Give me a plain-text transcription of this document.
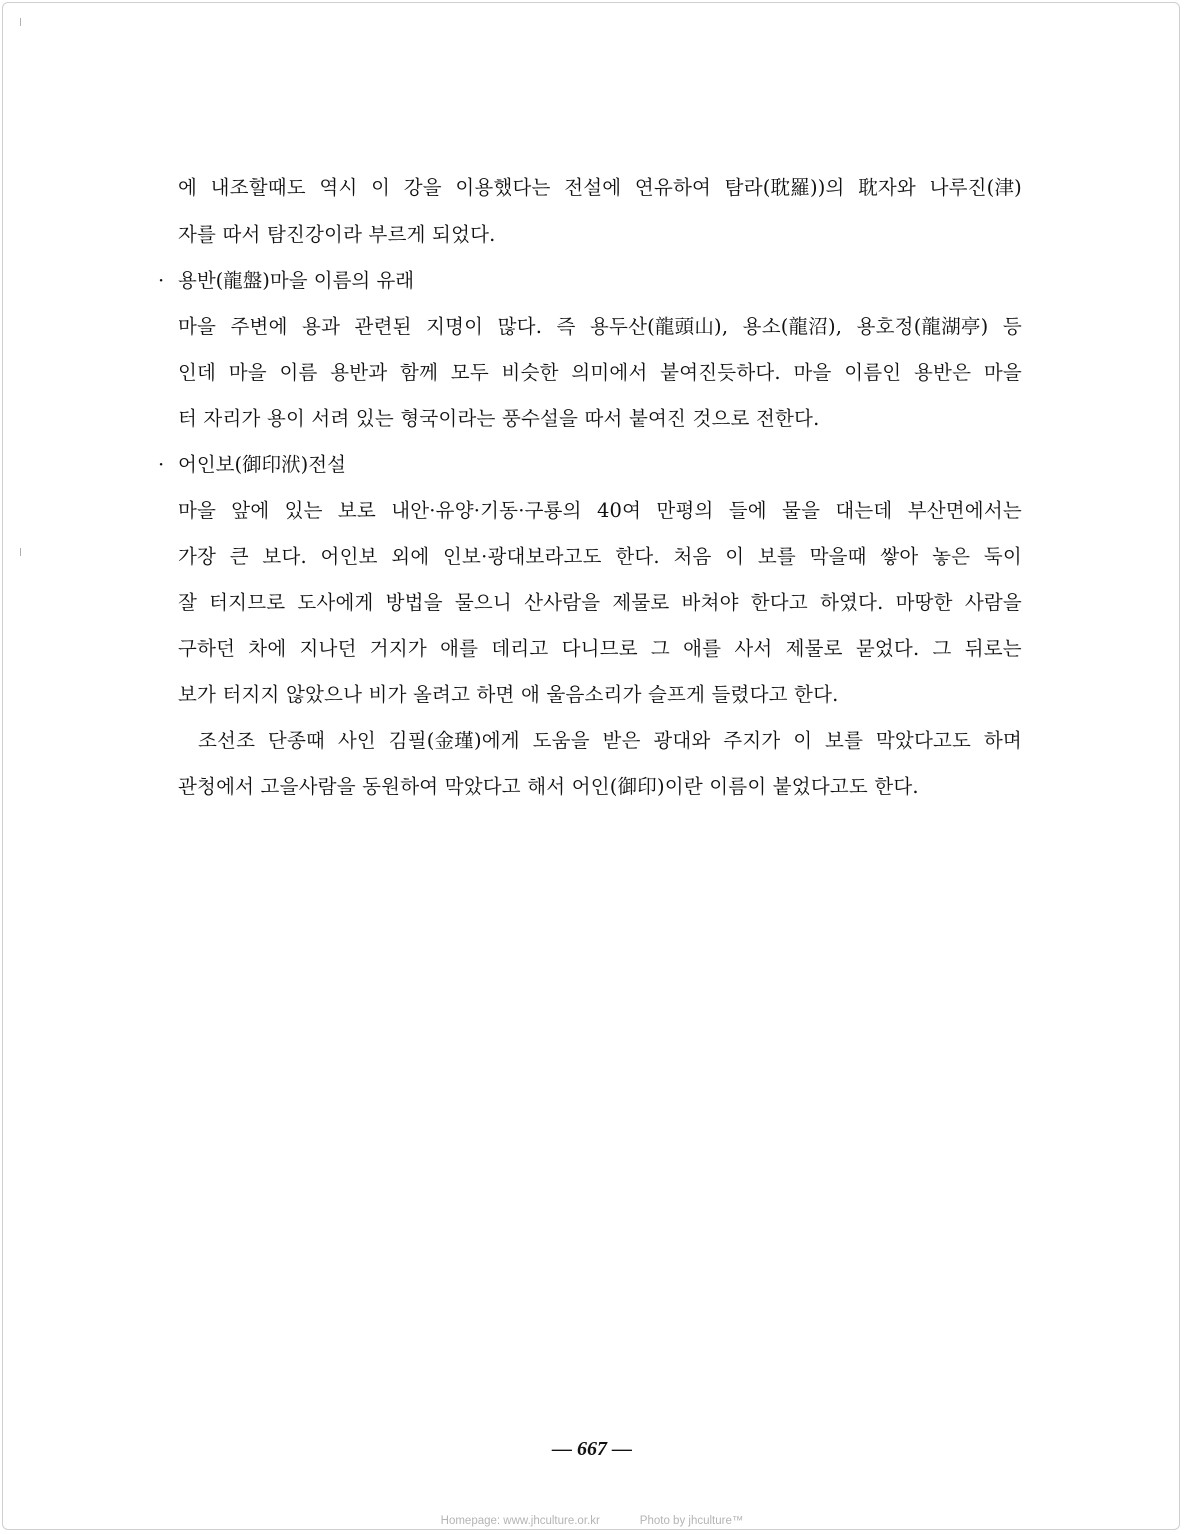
에 내조할때도 역시 이 강을 이용했다는 전설에 연유하여 탐라(耽羅))의 耽자와 나루진(津)
자를 따서 탐진강이라 부르게 되었다.
· 용반(龍盤)마을 이름의 유래
마을 주변에 용과 관련된 지명이 많다. 즉 용두산(龍頭山), 용소(龍沼), 용호정(龍湖亭) 등
인데 마을 이름 용반과 함께 모두 비슷한 의미에서 붙여진듯하다. 마을 이름인 용반은 마을
터 자리가 용이 서려 있는 형국이라는 풍수설을 따서 붙여진 것으로 전한다.
· 어인보(御印洑)전설
마을 앞에 있는 보로 내안·유양·기동·구룡의 40여 만평의 들에 물을 대는데 부산면에서는
가장 큰 보다. 어인보 외에 인보·광대보라고도 한다. 처음 이 보를 막을때 쌓아 놓은 둑이
잘 터지므로 도사에게 방법을 물으니 산사람을 제물로 바쳐야 한다고 하였다. 마땅한 사람을
구하던 차에 지나던 거지가 애를 데리고 다니므로 그 애를 사서 제물로 묻었다. 그 뒤로는
보가 터지지 않았으나 비가 올려고 하면 애 울음소리가 슬프게 들렸다고 한다.
조선조 단종때 사인 김필(金瑾)에게 도움을 받은 광대와 주지가 이 보를 막았다고도 하며
관청에서 고을사람을 동원하여 막았다고 해서 어인(御印)이란 이름이 붙었다고도 한다.
— 667 —
Homepage: www.jhculture.or.kr	Photo by jhculture™
